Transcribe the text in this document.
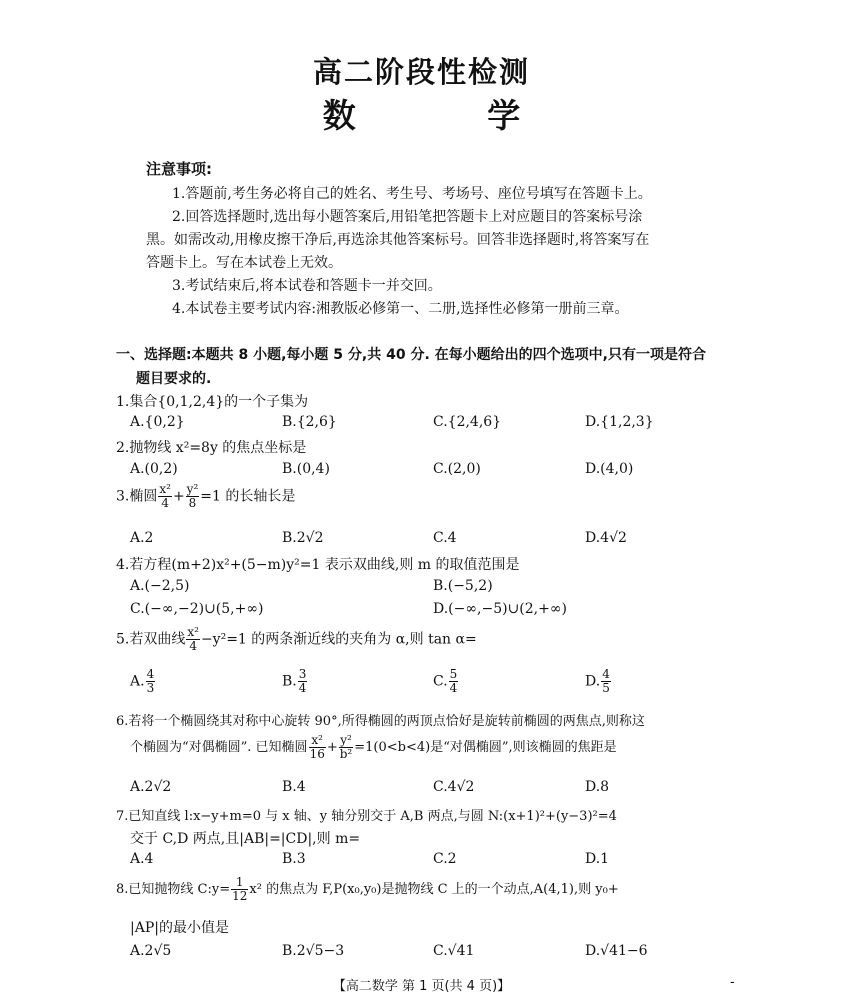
高二阶段性检测
数 学
注意事项:
1.答题前,考生务必将自己的姓名、考生号、考场号、座位号填写在答题卡上。
2.回答选择题时,选出每小题答案后,用铅笔把答题卡上对应题目的答案标号涂
黑。如需改动,用橡皮擦干净后,再选涂其他答案标号。回答非选择题时,将答案写在
答题卡上。写在本试卷上无效。
3.考试结束后,将本试卷和答题卡一并交回。
4.本试卷主要考试内容:湘教版必修第一、二册,选择性必修第一册前三章。
一、选择题:本题共 8 小题,每小题 5 分,共 40 分. 在每小题给出的四个选项中,只有一项是符合
题目要求的.
1.集合{0,1,2,4}的一个子集为
A.{0,2}	B.{2,6}	C.{2,4,6}	D.{1,2,3}
2.抛物线 x²=8y 的焦点坐标是
A.(0,2)	B.(0,4)	C.(2,0)	D.(4,0)
3.椭圆 $\frac{\text{x²}}{4} + \frac{\text{y²}}{8} =1$ 的长轴长是
A.2	B.2√2	C.4	D.4√2
4.若方程(m+2)x²+(5−m)y²=1 表示双曲线,则 m 的取值范围是
A.(−2,5)	B.(−5,2)
C.(−∞,−2)∪(5,+∞)	D.(−∞,−5)∪(2,+∞)
5.若双曲线 $\frac{\text{x²}}{4} -y^2=1$ 的两条渐近线的夹角为 α,则 tan α=
A. $\frac{4}{3}$	B. $\frac{3}{4}$	C. $\frac{5}{4}$	D. $\frac{4}{5}$
6.若将一个椭圆绕其对称中心旋转 90°,所得椭圆的两顶点恰好是旋转前椭圆的两焦点,则称这
个椭圆为“对偶椭圆”. 已知椭圆 $\frac{\text{x²}}{16} + \frac{\text{y²}}{\text{b²}} =1(0<b<4)$是“对偶椭圆”,则该椭圆的焦距是
A.2√2	B.4	C.4√2	D.8
7.已知直线 l:x−y+m=0 与 x 轴、y 轴分别交于 A,B 两点,与圆 N:(x+1)²+(y−3)²=4
交于 C,D 两点,且|AB|=|CD|,则 m=
A.4	B.3	C.2	D.1
8.已知抛物线 C:y= $\frac{1}{12} x^2$ 的焦点为 F,P(x₀,y₀)是抛物线 C 上的一个动点,A(4,1),则 y₀+
|AP|的最小值是
A.2√5	B.2√5−3	C.√41	D.√41−6
【高二数学 第 1 页(共 4 页)】	-
